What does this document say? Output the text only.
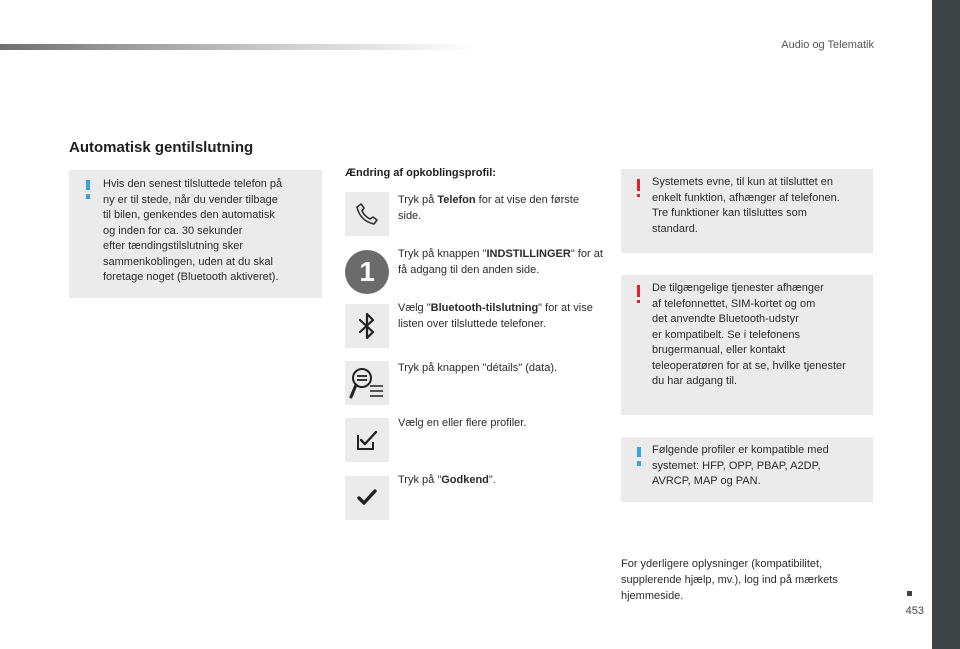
Audio og Telematik
453
Automatisk gentilslutning
Hvis den senest tilsluttede telefon på
ny er til stede, når du vender tilbage
til bilen, genkendes den automatisk
og inden for ca. 30 sekunder
efter tændingstilslutning sker
sammenkoblingen, uden at du skal
foretage noget (Bluetooth aktiveret).
Ændring af opkoblingsprofil:
Tryk på Telefon for at vise den første side.
1
Tryk på knappen "INDSTILLINGER" for at få adgang til den anden side.
Vælg "Bluetooth-tilslutning" for at vise listen over tilsluttede telefoner.
Tryk på knappen "détails" (data).
Vælg en eller flere profiler.
Tryk på "Godkend".
Systemets evne, til kun at tilsluttet en
enkelt funktion, afhænger af telefonen.
Tre funktioner kan tilsluttes som
standard.
De tilgængelige tjenester afhænger
af telefonnettet, SIM-kortet og om
det anvendte Bluetooth-udstyr
er kompatibelt. Se i telefonens
brugermanual, eller kontakt
teleoperatøren for at se, hvilke tjenester
du har adgang til.
Følgende profiler er kompatible med
systemet: HFP, OPP, PBAP, A2DP,
AVRCP, MAP og PAN.
For yderligere oplysninger (kompatibilitet, supplerende hjælp, mv.), log ind på mærkets hjemmeside.
